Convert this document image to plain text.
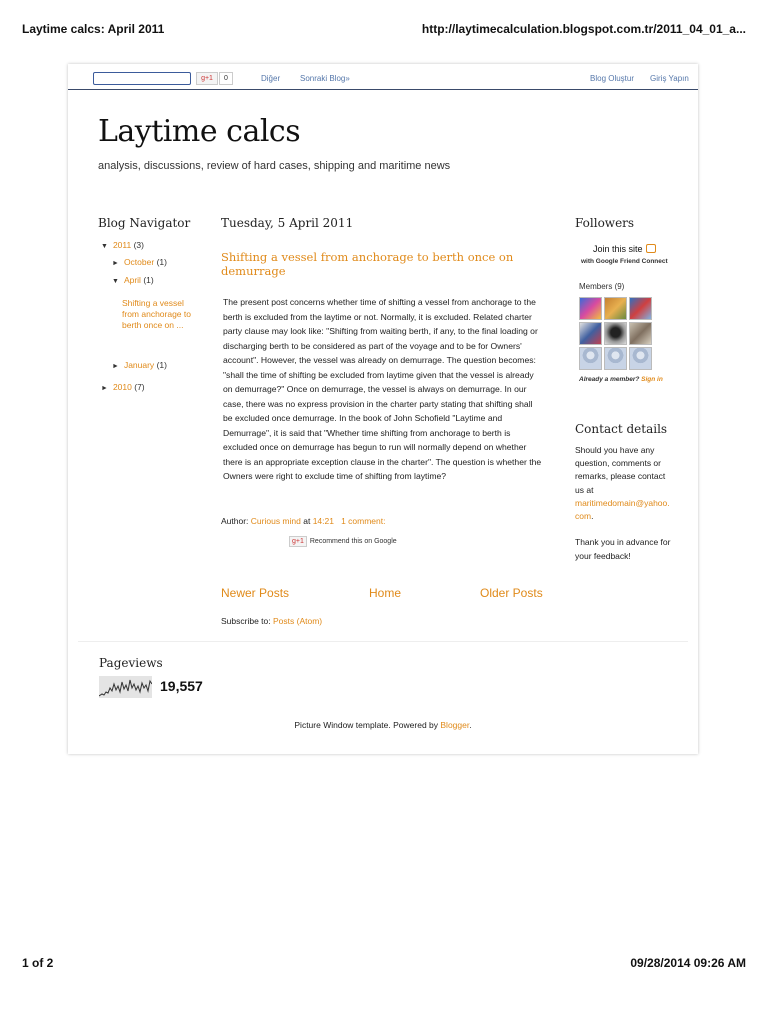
Laytime calcs: April 2011	http://laytimecalculation.blogspot.com.tr/2011_04_01_a...
g+1	0	Diğer Sonraki Blog»	Blog Oluştur Giriş Yapın
Laytime calcs
analysis, discussions, review of hard cases, shipping and maritime news
Blog Navigator
▼ 2011 (3)
► October (1)
▼ April (1)
Shifting a vessel from anchorage to berth once on ...
► January (1)
► 2010 (7)
Tuesday, 5 April 2011
Shifting a vessel from anchorage to berth once on demurrage
The present post concerns whether time of shifting a vessel from anchorage to the berth is excluded from the laytime or not. Normally, it is excluded. Related charter party clause may look like: "Shifting from waiting berth, if any, to the final loading or discharging berth to be considered as part of the voyage and to be for Owners' account". However, the vessel was already on demurrage. The question becomes: "shall the time of shifting be excluded from laytime given that the vessel is already on demurrage?" Once on demurrage, the vessel is always on demurrage. In our case, there was no express provision in the charter party stating that shifting shall be excluded once demurrage. In the book of John Schofield "Laytime and Demurrage", it is said that "Whether time shifting from anchorage to berth is excluded once on demurrage has begun to run will normally depend on whether there is an appropriate exception clause in the charter". The question is whether the Owners were right to exclude time of shifting from laytime?
Author: Curious mind at 14:21 1 comment:
g+1 Recommend this on Google
Newer Posts	Home	Older Posts
Subscribe to: Posts (Atom)
Followers
Join this site
with Google Friend Connect
Members (9)
Already a member? Sign in
Contact details
Should you have any question, comments or remarks, please contact us at
maritimedomain@yahoo.com.

Thank you in advance for your feedback!
Pageviews
19,557
Picture Window template. Powered by Blogger.
1 of 2	09/28/2014 09:26 AM
